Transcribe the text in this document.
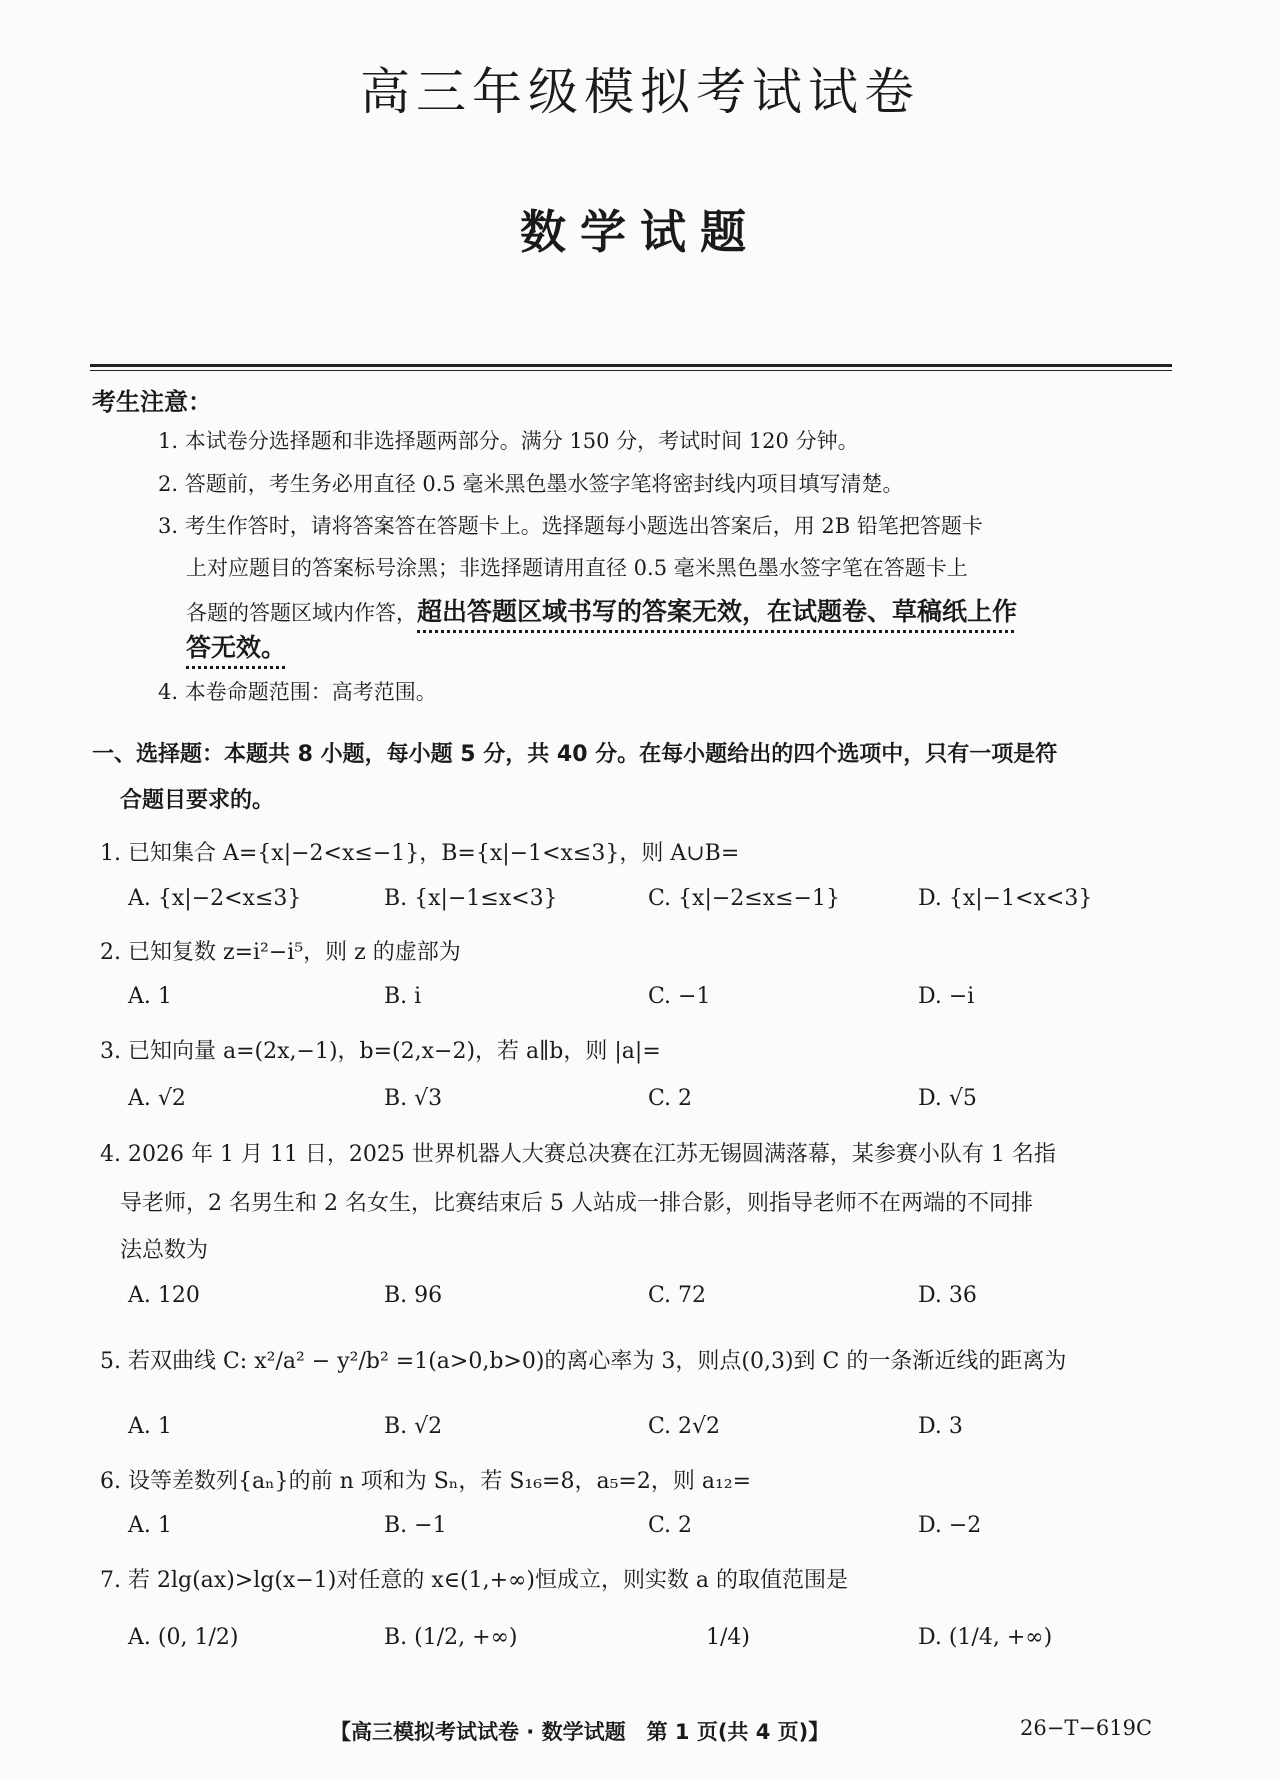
高三年级模拟考试试卷
数学试题
考生注意：
1. 本试卷分选择题和非选择题两部分。满分 150 分，考试时间 120 分钟。
2. 答题前，考生务必用直径 0.5 毫米黑色墨水签字笔将密封线内项目填写清楚。
3. 考生作答时，请将答案答在答题卡上。选择题每小题选出答案后，用 2B 铅笔把答题卡
上对应题目的答案标号涂黑；非选择题请用直径 0.5 毫米黑色墨水签字笔在答题卡上
各题的答题区域内作答，超出答题区域书写的答案无效，在试题卷、草稿纸上作
答无效。
4. 本卷命题范围：高考范围。
一、选择题：本题共 8 小题，每小题 5 分，共 40 分。在每小题给出的四个选项中，只有一项是符
合题目要求的。
1. 已知集合 A={x|−2<x≤−1}，B={x|−1<x≤3}，则 A∪B=
A. {x|−2<x≤3}	B. {x|−1≤x<3}	C. {x|−2≤x≤−1}	D. {x|−1<x<3}
2. 已知复数 z=i²−i⁵，则 z 的虚部为
A. 1	B. i	C. −1	D. −i
3. 已知向量 a=(2x,−1)，b=(2,x−2)，若 a∥b，则 |a|=
A. √2	B. √3	C. 2	D. √5
4. 2026 年 1 月 11 日，2025 世界机器人大赛总决赛在江苏无锡圆满落幕，某参赛小队有 1 名指
导老师，2 名男生和 2 名女生，比赛结束后 5 人站成一排合影，则指导老师不在两端的不同排
法总数为
A. 120	B. 96	C. 72	D. 36
5. 若双曲线 C: x²/a² − y²/b² =1(a>0,b>0)的离心率为 3，则点(0,3)到 C 的一条渐近线的距离为
A. 1	B. √2	C. 2√2	D. 3
6. 设等差数列{aₙ}的前 n 项和为 Sₙ，若 S₁₆=8，a₅=2，则 a₁₂=
A. 1	B. −1	C. 2	D. −2
7. 若 2lg(ax)>lg(x−1)对任意的 x∈(1,+∞)恒成立，则实数 a 的取值范围是
A. (0, 1/2)	B. (1/2, +∞)	1/4)	D. (1/4, +∞)
【高三模拟考试试卷 · 数学试题　第 1 页(共 4 页)】	26−T−619C
